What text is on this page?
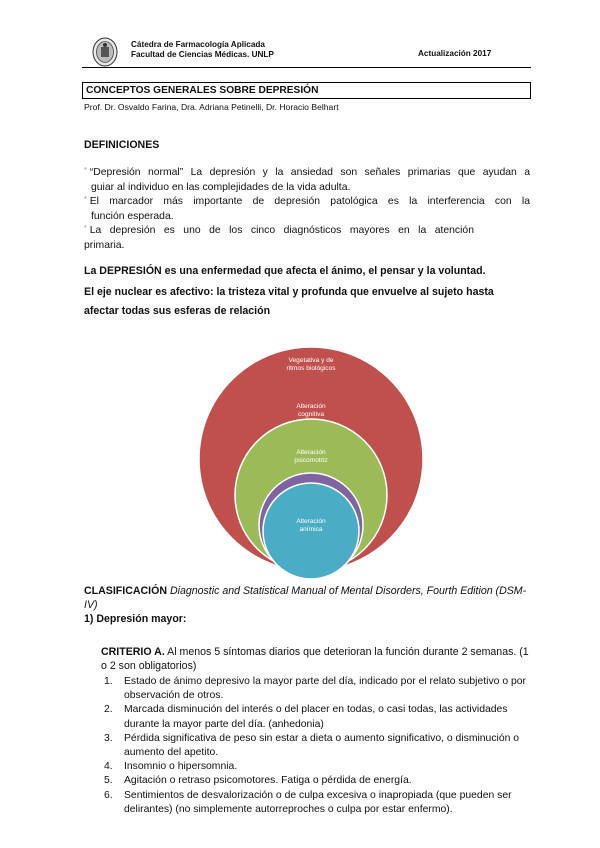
Cátedra de Farmacología Aplicada
Facultad de Ciencias Médicas. UNLP	Actualización 2017
CONCEPTOS GENERALES SOBRE DEPRESIÓN
Prof. Dr. Osvaldo Farina, Dra. Adriana Petinelli, Dr. Horacio Belhart
DEFINICIONES
* “Depresión normal” La depresión y la ansiedad son señales primarias que ayudan a
guiar al individuo en las complejidades de la vida adulta.
* El marcador más importante de depresión patológica es la interferencia con la
función esperada.
* La depresión es uno de los cinco diagnósticos mayores en la atención
primaria.
La DEPRESIÓN es una enfermedad que afecta el ánimo, el pensar y la voluntad.
El eje nuclear es afectivo: la tristeza vital y profunda que envuelve al sujeto hasta
afectar todas sus esferas de relación
Vegetativa y de
ritmos biológicos
Alteración
cognitiva
Alteración
psicomotriz
Alteración
anímica
CLASIFICACIÓN Diagnostic and Statistical Manual of Mental Disorders, Fourth Edition (DSM- IV)
1) Depresión mayor:
CRITERIO A. Al menos 5 síntomas diarios que deterioran la función durante 2 semanas. (1 o 2 son obligatorios)
1. Estado de ánimo depresivo la mayor parte del día, indicado por el relato subjetivo o por observación de otros.
2. Marcada disminución del interés o del placer en todas, o casi todas, las actividades durante la mayor parte del día. (anhedonia)
3. Pérdida significativa de peso sin estar a dieta o aumento significativo, o disminución o aumento del apetito.
4. Insomnio o hipersomnia.
5. Agitación o retraso psicomotores. Fatiga o pérdida de energía.
6. Sentimientos de desvalorización o de culpa excesiva o inapropiada (que pueden ser delirantes) (no simplemente autorreproches o culpa por estar enfermo).
